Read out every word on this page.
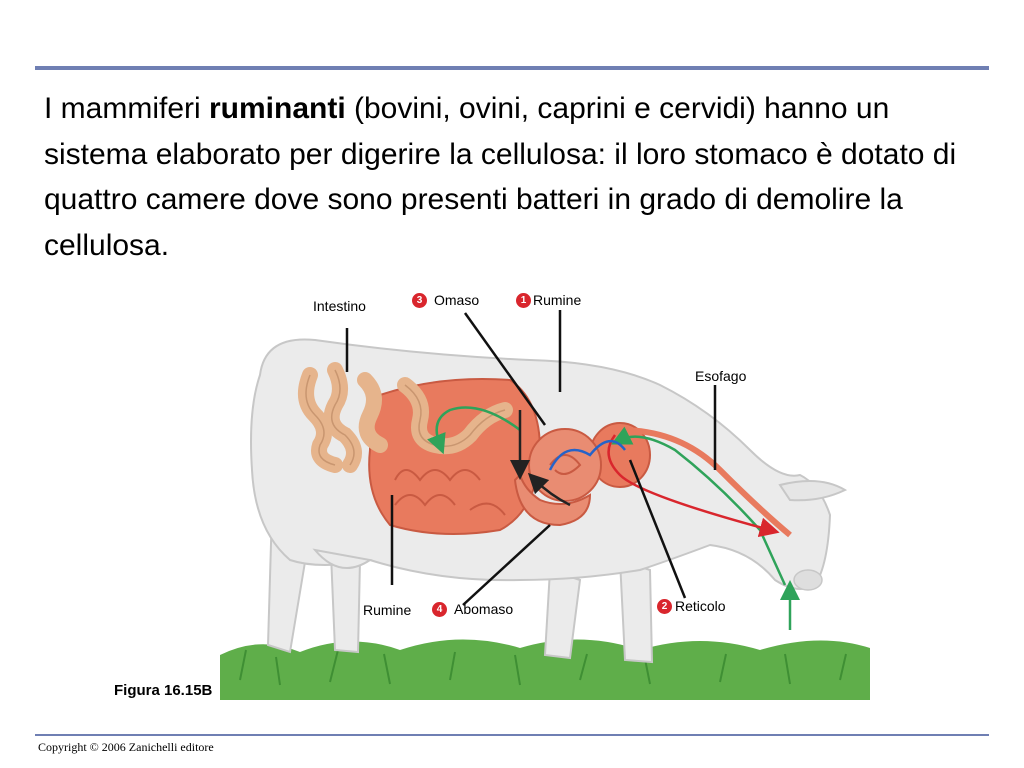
I mammiferi ruminanti (bovini, ovini, caprini e cervidi) hanno un sistema elaborato per digerire la cellulosa: il loro stomaco è dotato di quattro camere dove sono presenti batteri in grado di demolire la cellulosa.

Intestino	3 Omaso	1 Rumine
Esofago
Rumine	4 Abomaso	2 Reticolo
Figura 16.15B
Copyright © 2006 Zanichelli editore
